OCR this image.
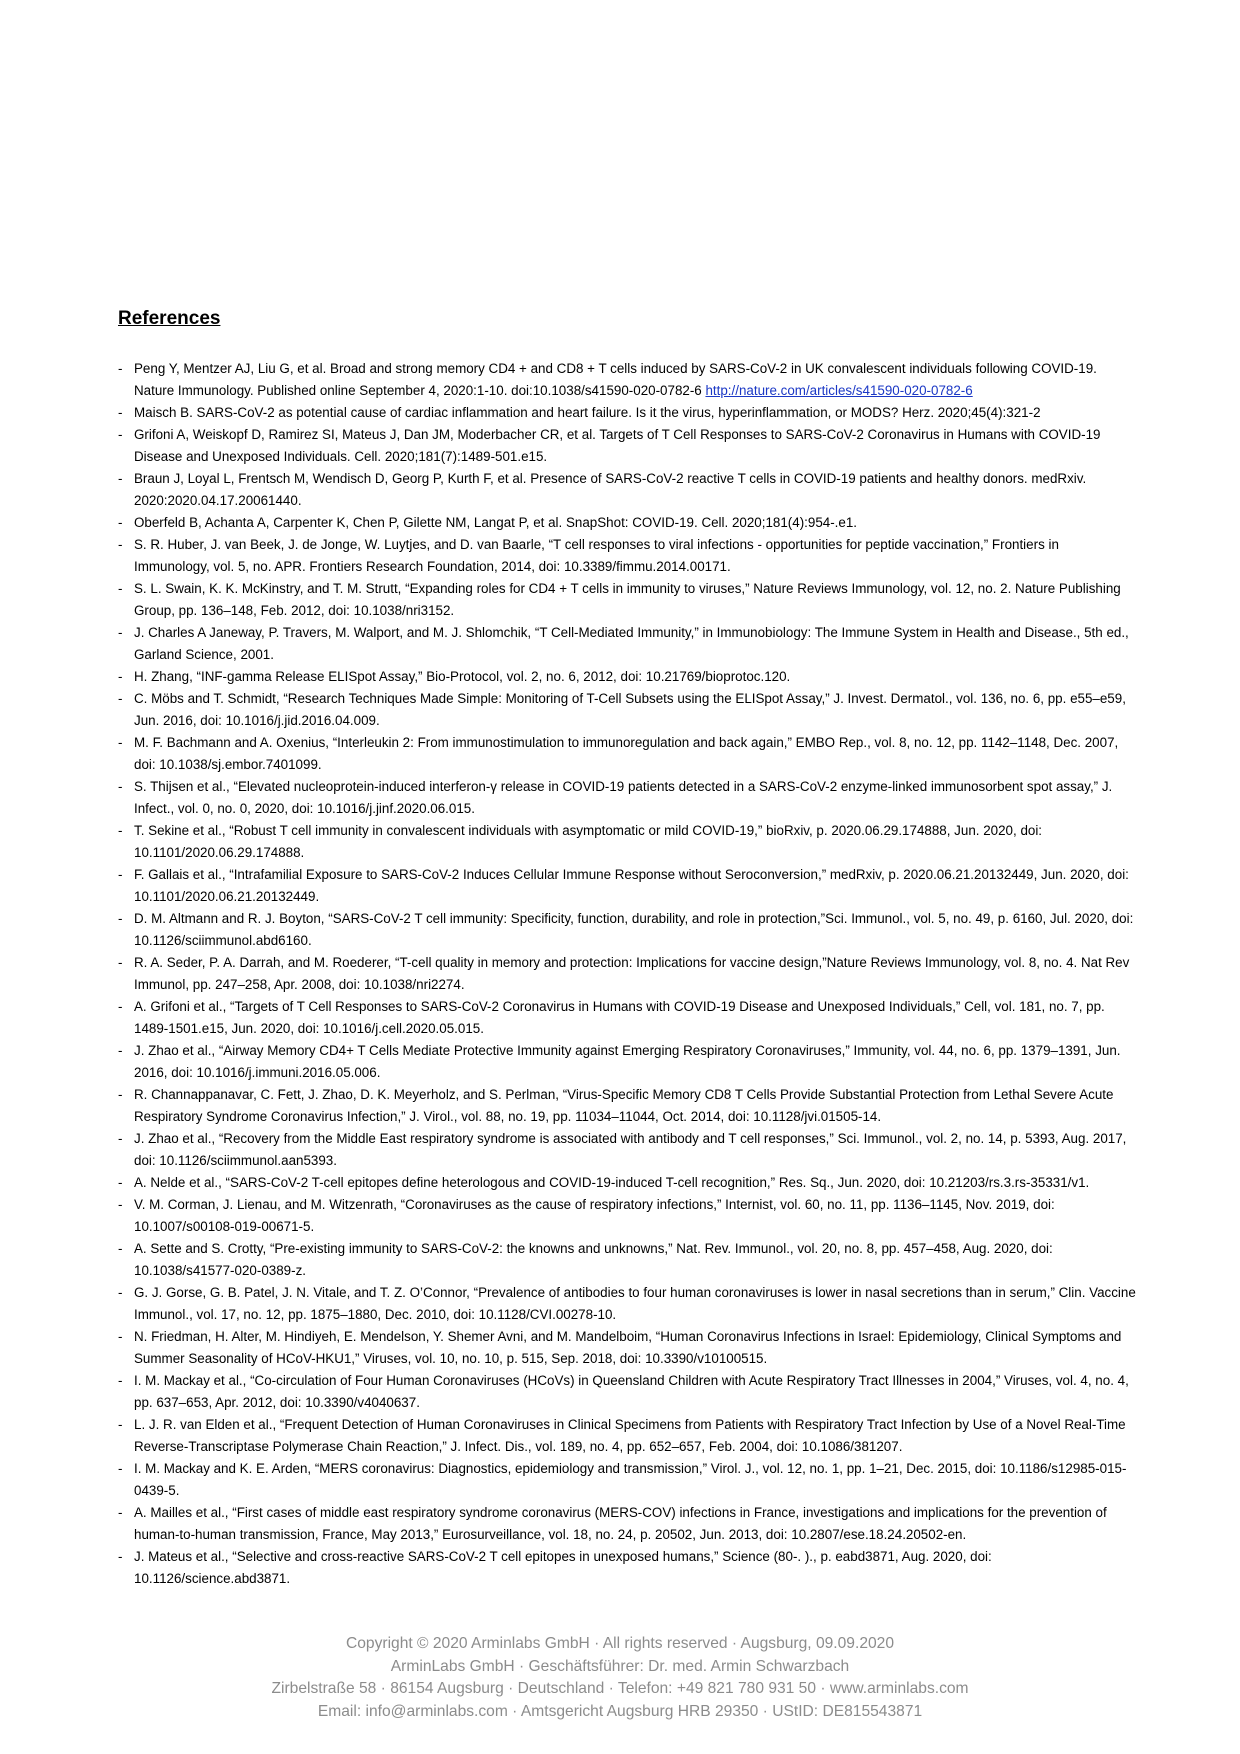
References
- Peng Y, Mentzer AJ, Liu G, et al. Broad and strong memory CD4 + and CD8 + T cells induced by SARS-CoV-2 in UK convalescent individuals following COVID-19. Nature Immunology. Published online September 4, 2020:1-10. doi:10.1038/s41590-020-0782-6 http://nature.com/articles/s41590-020-0782-6
- Maisch B. SARS-CoV-2 as potential cause of cardiac inflammation and heart failure. Is it the virus, hyperinflammation, or MODS? Herz. 2020;45(4):321-2
- Grifoni A, Weiskopf D, Ramirez SI, Mateus J, Dan JM, Moderbacher CR, et al. Targets of T Cell Responses to SARS-CoV-2 Coronavirus in Humans with COVID-19 Disease and Unexposed Individuals. Cell. 2020;181(7):1489-501.e15.
- Braun J, Loyal L, Frentsch M, Wendisch D, Georg P, Kurth F, et al. Presence of SARS-CoV-2 reactive T cells in COVID-19 patients and healthy donors. medRxiv. 2020:2020.04.17.20061440.
- Oberfeld B, Achanta A, Carpenter K, Chen P, Gilette NM, Langat P, et al. SnapShot: COVID-19. Cell. 2020;181(4):954-.e1.
- S. R. Huber, J. van Beek, J. de Jonge, W. Luytjes, and D. van Baarle, “T cell responses to viral infections - opportunities for peptide vaccination,” Frontiers in Immunology, vol. 5, no. APR. Frontiers Research Foundation, 2014, doi: 10.3389/fimmu.2014.00171.
- S. L. Swain, K. K. McKinstry, and T. M. Strutt, “Expanding roles for CD4 + T cells in immunity to viruses,” Nature Reviews Immunology, vol. 12, no. 2. Nature Publishing Group, pp. 136–148, Feb. 2012, doi: 10.1038/nri3152.
- J. Charles A Janeway, P. Travers, M. Walport, and M. J. Shlomchik, “T Cell-Mediated Immunity,” in Immunobiology: The Immune System in Health and Disease., 5th ed., Garland Science, 2001.
- H. Zhang, “INF-gamma Release ELISpot Assay,” Bio-Protocol, vol. 2, no. 6, 2012, doi: 10.21769/bioprotoc.120.
- C. Möbs and T. Schmidt, “Research Techniques Made Simple: Monitoring of T-Cell Subsets using the ELISpot Assay,” J. Invest. Dermatol., vol. 136, no. 6, pp. e55–e59, Jun. 2016, doi: 10.1016/j.jid.2016.04.009.
- M. F. Bachmann and A. Oxenius, “Interleukin 2: From immunostimulation to immunoregulation and back again,” EMBO Rep., vol. 8, no. 12, pp. 1142–1148, Dec. 2007, doi: 10.1038/sj.embor.7401099.
- S. Thijsen et al., “Elevated nucleoprotein-induced interferon-γ release in COVID-19 patients detected in a SARS-CoV-2 enzyme-linked immunosorbent spot assay,” J. Infect., vol. 0, no. 0, 2020, doi: 10.1016/j.jinf.2020.06.015.
- T. Sekine et al., “Robust T cell immunity in convalescent individuals with asymptomatic or mild COVID-19,” bioRxiv, p. 2020.06.29.174888, Jun. 2020, doi: 10.1101/2020.06.29.174888.
- F. Gallais et al., “Intrafamilial Exposure to SARS-CoV-2 Induces Cellular Immune Response without Seroconversion,” medRxiv, p. 2020.06.21.20132449, Jun. 2020, doi: 10.1101/2020.06.21.20132449.
- D. M. Altmann and R. J. Boyton, “SARS-CoV-2 T cell immunity: Specificity, function, durability, and role in protection,”Sci. Immunol., vol. 5, no. 49, p. 6160, Jul. 2020, doi: 10.1126/sciimmunol.abd6160.
- R. A. Seder, P. A. Darrah, and M. Roederer, “T-cell quality in memory and protection: Implications for vaccine design,”Nature Reviews Immunology, vol. 8, no. 4. Nat Rev Immunol, pp. 247–258, Apr. 2008, doi: 10.1038/nri2274.
- A. Grifoni et al., “Targets of T Cell Responses to SARS-CoV-2 Coronavirus in Humans with COVID-19 Disease and Unexposed Individuals,” Cell, vol. 181, no. 7, pp. 1489-1501.e15, Jun. 2020, doi: 10.1016/j.cell.2020.05.015.
- J. Zhao et al., “Airway Memory CD4+ T Cells Mediate Protective Immunity against Emerging Respiratory Coronaviruses,” Immunity, vol. 44, no. 6, pp. 1379–1391, Jun. 2016, doi: 10.1016/j.immuni.2016.05.006.
- R. Channappanavar, C. Fett, J. Zhao, D. K. Meyerholz, and S. Perlman, “Virus-Specific Memory CD8 T Cells Provide Substantial Protection from Lethal Severe Acute Respiratory Syndrome Coronavirus Infection,” J. Virol., vol. 88, no. 19, pp. 11034–11044, Oct. 2014, doi: 10.1128/jvi.01505-14.
- J. Zhao et al., “Recovery from the Middle East respiratory syndrome is associated with antibody and T cell responses,” Sci. Immunol., vol. 2, no. 14, p. 5393, Aug. 2017, doi: 10.1126/sciimmunol.aan5393.
- A. Nelde et al., “SARS-CoV-2 T-cell epitopes define heterologous and COVID-19-induced T-cell recognition,” Res. Sq., Jun. 2020, doi: 10.21203/rs.3.rs-35331/v1.
- V. M. Corman, J. Lienau, and M. Witzenrath, “Coronaviruses as the cause of respiratory infections,” Internist, vol. 60, no. 11, pp. 1136–1145, Nov. 2019, doi: 10.1007/s00108-019-00671-5.
- A. Sette and S. Crotty, “Pre-existing immunity to SARS-CoV-2: the knowns and unknowns,” Nat. Rev. Immunol., vol. 20, no. 8, pp. 457–458, Aug. 2020, doi: 10.1038/s41577-020-0389-z.
- G. J. Gorse, G. B. Patel, J. N. Vitale, and T. Z. O’Connor, “Prevalence of antibodies to four human coronaviruses is lower in nasal secretions than in serum,” Clin. Vaccine Immunol., vol. 17, no. 12, pp. 1875–1880, Dec. 2010, doi: 10.1128/CVI.00278-10.
- N. Friedman, H. Alter, M. Hindiyeh, E. Mendelson, Y. Shemer Avni, and M. Mandelboim, “Human Coronavirus Infections in Israel: Epidemiology, Clinical Symptoms and Summer Seasonality of HCoV-HKU1,” Viruses, vol. 10, no. 10, p. 515, Sep. 2018, doi: 10.3390/v10100515.
- I. M. Mackay et al., “Co-circulation of Four Human Coronaviruses (HCoVs) in Queensland Children with Acute Respiratory Tract Illnesses in 2004,” Viruses, vol. 4, no. 4, pp. 637–653, Apr. 2012, doi: 10.3390/v4040637.
- L. J. R. van Elden et al., “Frequent Detection of Human Coronaviruses in Clinical Specimens from Patients with Respiratory Tract Infection by Use of a Novel Real-Time Reverse-Transcriptase Polymerase Chain Reaction,” J. Infect. Dis., vol. 189, no. 4, pp. 652–657, Feb. 2004, doi: 10.1086/381207.
- I. M. Mackay and K. E. Arden, “MERS coronavirus: Diagnostics, epidemiology and transmission,” Virol. J., vol. 12, no. 1, pp. 1–21, Dec. 2015, doi: 10.1186/s12985-015-0439-5.
- A. Mailles et al., “First cases of middle east respiratory syndrome coronavirus (MERS-COV) infections in France, investigations and implications for the prevention of human-to-human transmission, France, May 2013,” Eurosurveillance, vol. 18, no. 24, p. 20502, Jun. 2013, doi: 10.2807/ese.18.24.20502-en.
- J. Mateus et al., “Selective and cross-reactive SARS-CoV-2 T cell epitopes in unexposed humans,” Science (80-. )., p. eabd3871, Aug. 2020, doi: 10.1126/science.abd3871.
Copyright © 2020 Arminlabs GmbH · All rights reserved · Augsburg, 09.09.2020
ArminLabs GmbH · Geschäftsführer: Dr. med. Armin Schwarzbach
Zirbelstraße 58 · 86154 Augsburg · Deutschland · Telefon: +49 821 780 931 50 · www.arminlabs.com
Email: info@arminlabs.com · Amtsgericht Augsburg HRB 29350 · UStID: DE815543871
